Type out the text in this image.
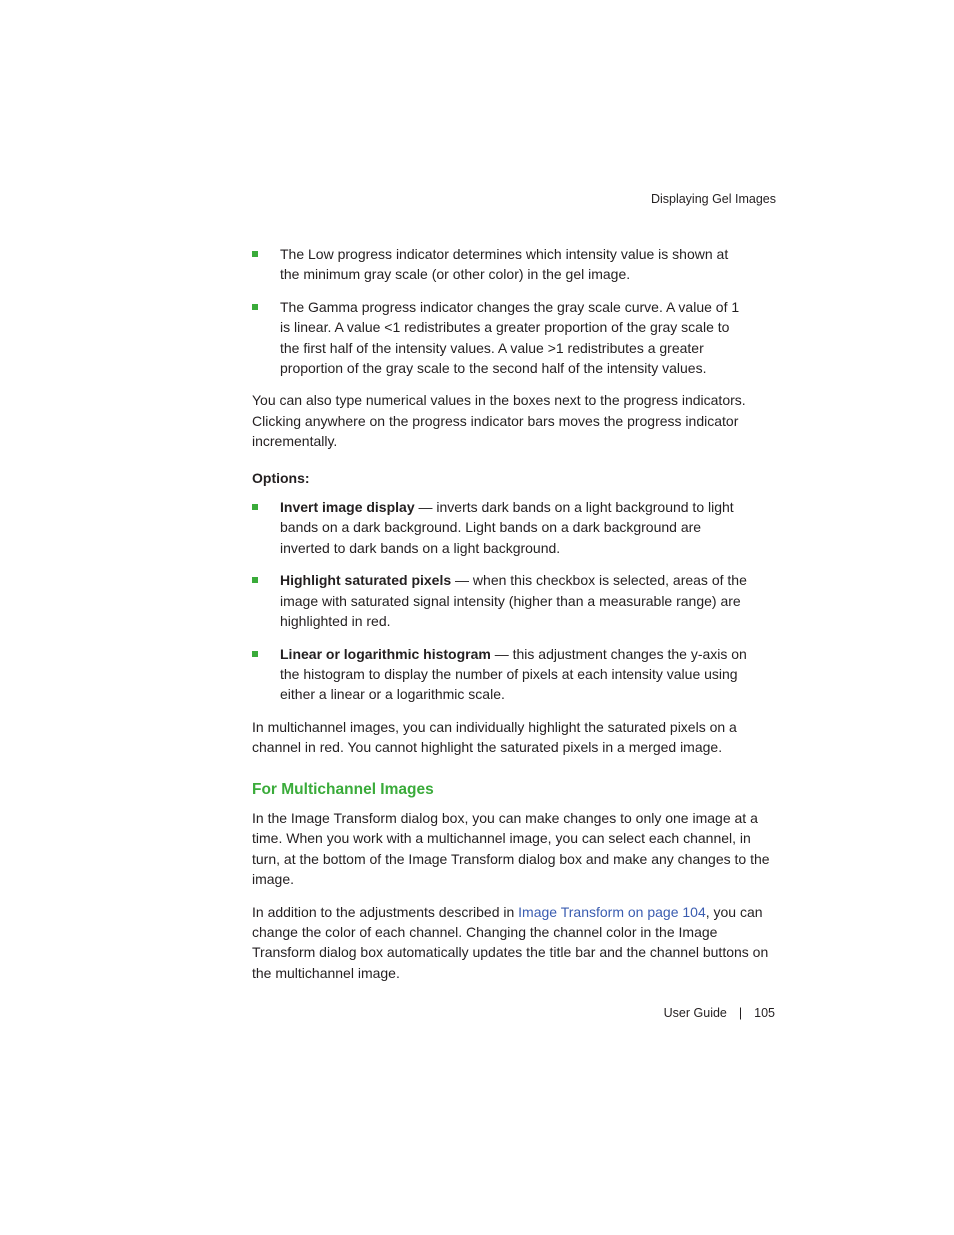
Displaying Gel Images
The Low progress indicator determines which intensity value is shown at the minimum gray scale (or other color) in the gel image.
The Gamma progress indicator changes the gray scale curve. A value of 1 is linear. A value <1 redistributes a greater proportion of the gray scale to the first half of the intensity values. A value >1 redistributes a greater proportion of the gray scale to the second half of the intensity values.

You can also type numerical values in the boxes next to the progress indicators. Clicking anywhere on the progress indicator bars moves the progress indicator incrementally.

Options:
Invert image display — inverts dark bands on a light background to light bands on a dark background. Light bands on a dark background are inverted to dark bands on a light background.
Highlight saturated pixels — when this checkbox is selected, areas of the image with saturated signal intensity (higher than a measurable range) are highlighted in red.
Linear or logarithmic histogram — this adjustment changes the y-axis on the histogram to display the number of pixels at each intensity value using either a linear or a logarithmic scale.

In multichannel images, you can individually highlight the saturated pixels on a channel in red. You cannot highlight the saturated pixels in a merged image.

For Multichannel Images

In the Image Transform dialog box, you can make changes to only one image at a time. When you work with a multichannel image, you can select each channel, in turn, at the bottom of the Image Transform dialog box and make any changes to the image.

In addition to the adjustments described in Image Transform on page 104, you can change the color of each channel. Changing the channel color in the Image Transform dialog box automatically updates the title bar and the channel buttons on the multichannel image.

User Guide | 105
